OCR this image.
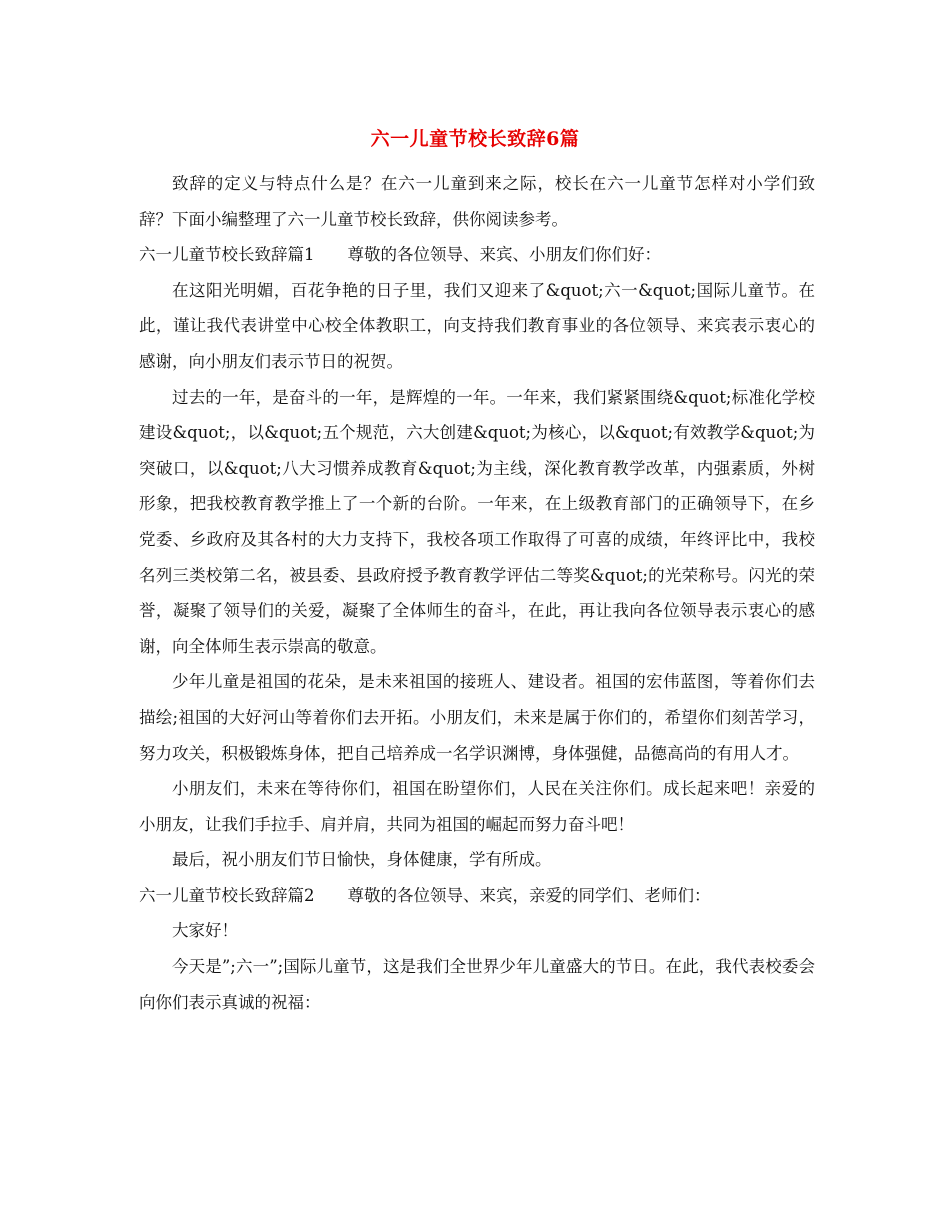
六一儿童节校长致辞6篇

致辞的定义与特点什么是？在六一儿童到来之际，校长在六一儿童节怎样对小学们致辞？下面小编整理了六一儿童节校长致辞，供你阅读参考。

六一儿童节校长致辞篇1　　尊敬的各位领导、来宾、小朋友们你们好：

在这阳光明媚，百花争艳的日子里，我们又迎来了&quot;六一&quot;国际儿童节。在此，谨让我代表讲堂中心校全体教职工，向支持我们教育事业的各位领导、来宾表示衷心的感谢，向小朋友们表示节日的祝贺。

过去的一年，是奋斗的一年，是辉煌的一年。一年来，我们紧紧围绕&quot;标准化学校建设&quot;，以&quot;五个规范，六大创建&quot;为核心，以&quot;有效教学&quot;为突破口，以&quot;八大习惯养成教育&quot;为主线，深化教育教学改革，内强素质，外树形象，把我校教育教学推上了一个新的台阶。一年来，在上级教育部门的正确领导下，在乡党委、乡政府及其各村的大力支持下，我校各项工作取得了可喜的成绩，年终评比中，我校名列三类校第二名，被县委、县政府授予教育教学评估二等奖&quot;的光荣称号。闪光的荣誉，凝聚了领导们的关爱，凝聚了全体师生的奋斗，在此，再让我向各位领导表示衷心的感谢，向全体师生表示崇高的敬意。

少年儿童是祖国的花朵，是未来祖国的接班人、建设者。祖国的宏伟蓝图，等着你们去描绘;祖国的大好河山等着你们去开拓。小朋友们，未来是属于你们的，希望你们刻苦学习，努力攻关，积极锻炼身体，把自己培养成一名学识渊博，身体强健，品德高尚的有用人才。

小朋友们，未来在等待你们，祖国在盼望你们，人民在关注你们。成长起来吧！亲爱的小朋友，让我们手拉手、肩并肩，共同为祖国的崛起而努力奋斗吧！

最后，祝小朋友们节日愉快，身体健康，学有所成。

六一儿童节校长致辞篇2　　尊敬的各位领导、来宾，亲爱的同学们、老师们：

大家好！

今天是”;六一”;国际儿童节，这是我们全世界少年儿童盛大的节日。在此，我代表校委会向你们表示真诚的祝福：
